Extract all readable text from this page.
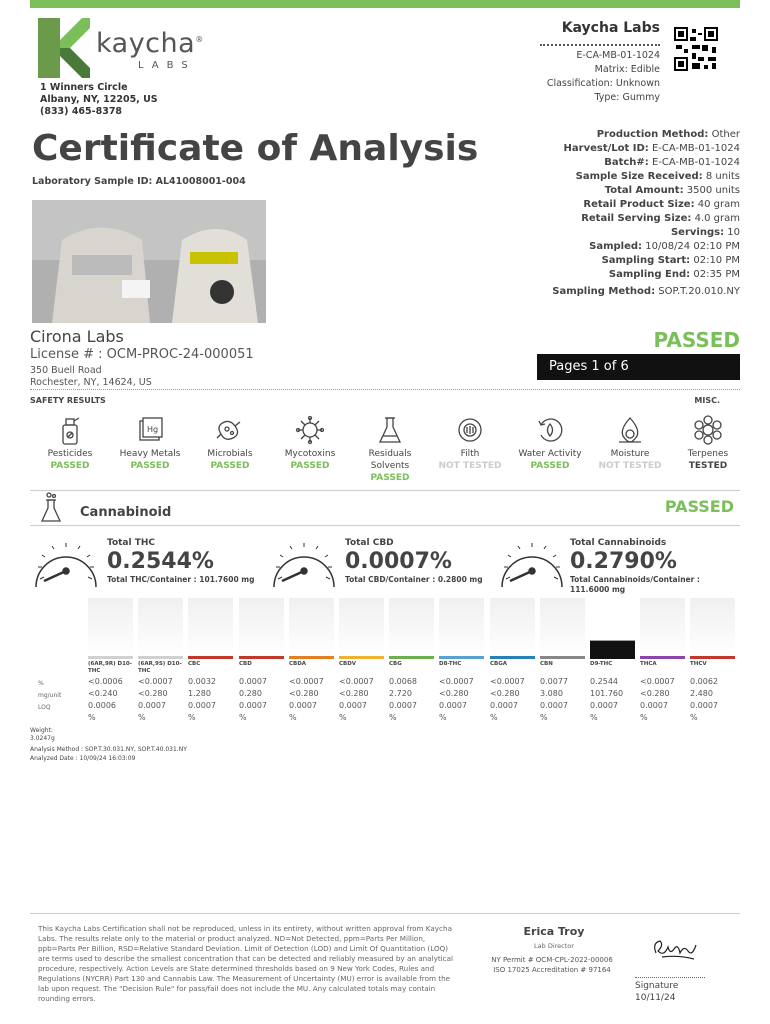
kaycha®
LABS
1 Winners Circle
Albany, NY, 12205, US
(833) 465-8378
Kaycha Labs
E-CA-MB-01-1024
Matrix: Edible
Classification: Unknown
Type: Gummy
Certificate of Analysis
Laboratory Sample ID: AL41008001-004
Production Method: Other
Harvest/Lot ID: E-CA-MB-01-1024
Batch#: E-CA-MB-01-1024
Sample Size Received: 8 units
Total Amount: 3500 units
Retail Product Size: 40 gram
Retail Serving Size: 4.0 gram
Servings: 10
Sampled: 10/08/24 02:10 PM
Sampling Start: 02:10 PM
Sampling End: 02:35 PM
Sampling Method: SOP.T.20.010.NY
Cirona Labs
License # : OCM-PROC-24-000051
350 Buell Road
Rochester, NY, 14624, US
PASSED
Pages 1 of 6
SAFETY RESULTS	MISC.
Pesticides
PASSED
Hg
Heavy Metals
PASSED
Microbials
PASSED
Mycotoxins
PASSED
Residuals Solvents
PASSED
Filth
NOT TESTED
Water Activity
PASSED
Moisture
NOT TESTED
Terpenes
TESTED
Cannabinoid	PASSED
Total THC
0.2544%
Total THC/Container : 101.7600 mg
Total CBD
0.0007%
Total CBD/Container : 0.2800 mg
Total Cannabinoids
0.2790%
Total Cannabinoids/Container : 111.6000 mg
%
mg/unit
LOQ
(6AR,9R) D10-THC
<0.0006
<0.240
0.0006
%
(6AR,9S) D10-THC
<0.0007
<0.280
0.0007
%
CBC
0.0032
1.280
0.0007
%
CBD
0.0007
0.280
0.0007
%
CBDA
<0.0007
<0.280
0.0007
%
CBDV
<0.0007
<0.280
0.0007
%
CBG
0.0068
2.720
0.0007
%
D8-THC
<0.0007
<0.280
0.0007
%
CBGA
<0.0007
<0.280
0.0007
%
CBN
0.0077
3.080
0.0007
%
D9-THC
0.2544
101.760
0.0007
%
THCA
<0.0007
<0.280
0.0007
%
THCV
0.0062
2.480
0.0007
%
Weight:
3.0247g
Analysis Method : SOP.T.30.031.NY, SOP.T.40.031.NY
Analyzed Date : 10/09/24 16:03:09
This Kaycha Labs Certification shall not be reproduced, unless in its entirety, without written approval from Kaycha Labs. The results relate only to the material or product analyzed. ND=Not Detected, ppm=Parts Per Million, ppb=Parts Per Billion, RSD=Relative Standard Deviation. Limit of Detection (LOD) and Limit Of Quantitation (LOQ) are terms used to describe the smallest concentration that can be detected and reliably measured by an analytical procedure, respectively. Action Levels are State determined thresholds based on 9 New York Codes, Rules and Regulations (NYCRR) Part 130 and Cannabis Law. The Measurement of Uncertainty (MU) error is available from the lab upon request. The "Decision Rule" for pass/fail does not include the MU. Any calculated totals may contain rounding errors.
Erica Troy
Lab Director
NY Permit # OCM-CPL-2022-00006
ISO 17025 Accreditation # 97164
Signature
10/11/24
